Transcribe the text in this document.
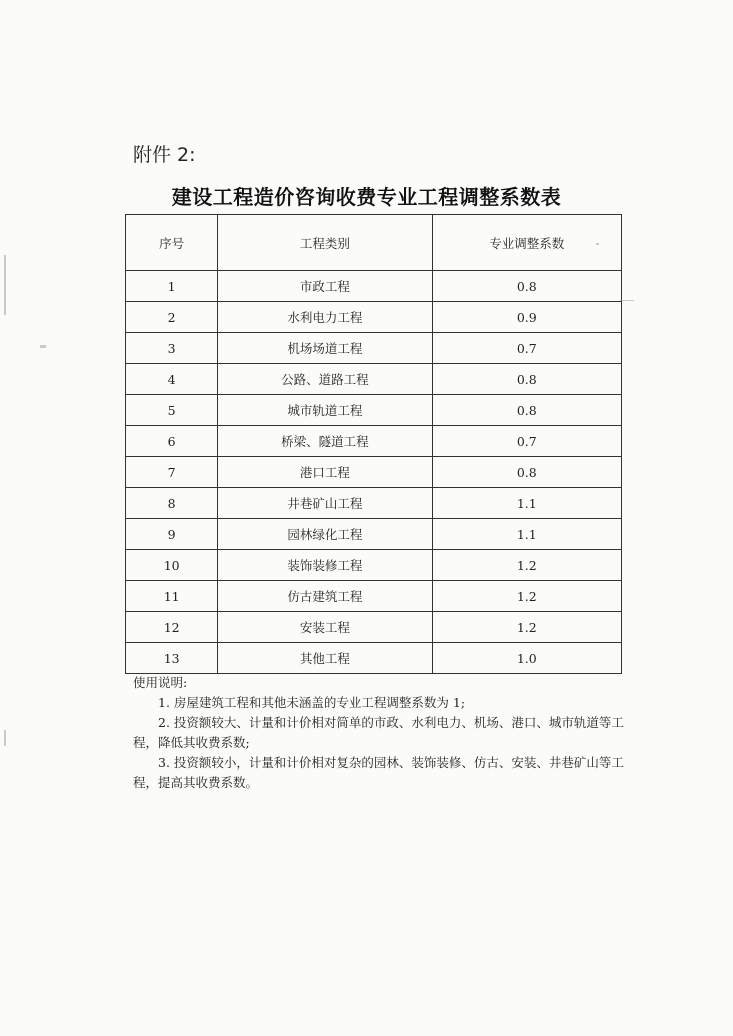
附件 2:
建设工程造价咨询收费专业工程调整系数表
序号	工程类别	专业调整系数
1	市政工程	0.8
2	水利电力工程	0.9
3	机场场道工程	0.7
4	公路、道路工程	0.8
5	城市轨道工程	0.8
6	桥梁、隧道工程	0.7
7	港口工程	0.8
8	井巷矿山工程	1.1
9	园林绿化工程	1.1
10	装饰装修工程	1.2
11	仿古建筑工程	1.2
12	安装工程	1.2
13	其他工程	1.0
使用说明:

1. 房屋建筑工程和其他未涵盖的专业工程调整系数为 1;

2. 投资额较大、计量和计价相对简单的市政、水利电力、机场、港口、城市轨道等工程，降低其收费系数;

3. 投资额较小，计量和计价相对复杂的园林、装饰装修、仿古、安装、井巷矿山等工程，提高其收费系数。
